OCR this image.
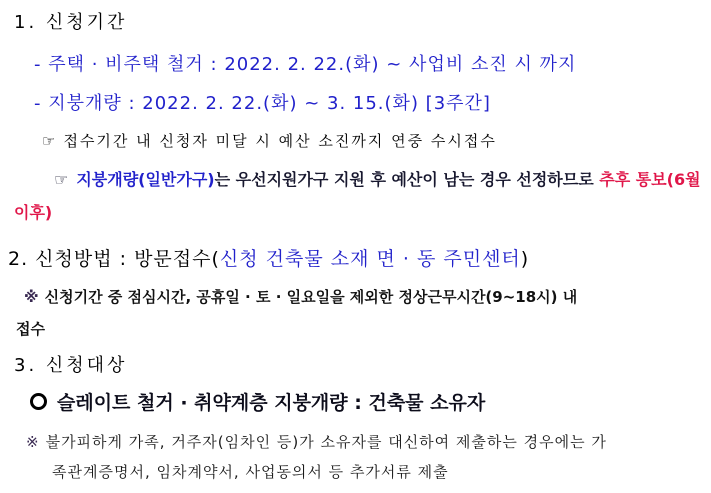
1. 신청기간

- 주택 · 비주택 철거 : 2022. 2. 22.(화) ~ 사업비 소진 시 까지

- 지붕개량 : 2022. 2. 22.(화) ~ 3. 15.(화) [3주간]

☞ 접수기간 내 신청자 미달 시 예산 소진까지 연중 수시접수

☞ 지붕개량(일반가구)는 우선지원가구 지원 후 예산이 남는 경우 선정하므로 추후 통보(6월
이후)

2. 신청방법 : 방문접수(신청 건축물 소재 면 · 동 주민센터)

※ 신청기간 중 점심시간, 공휴일 · 토 · 일요일을 제외한 정상근무시간(9~18시) 내
접수

3. 신청대상

슬레이트 철거 · 취약계층 지붕개량 : 건축물 소유자

※ 불가피하게 가족, 거주자(임차인 등)가 소유자를 대신하여 제출하는 경우에는 가
족관계증명서, 임차계약서, 사업동의서 등 추가서류 제출
